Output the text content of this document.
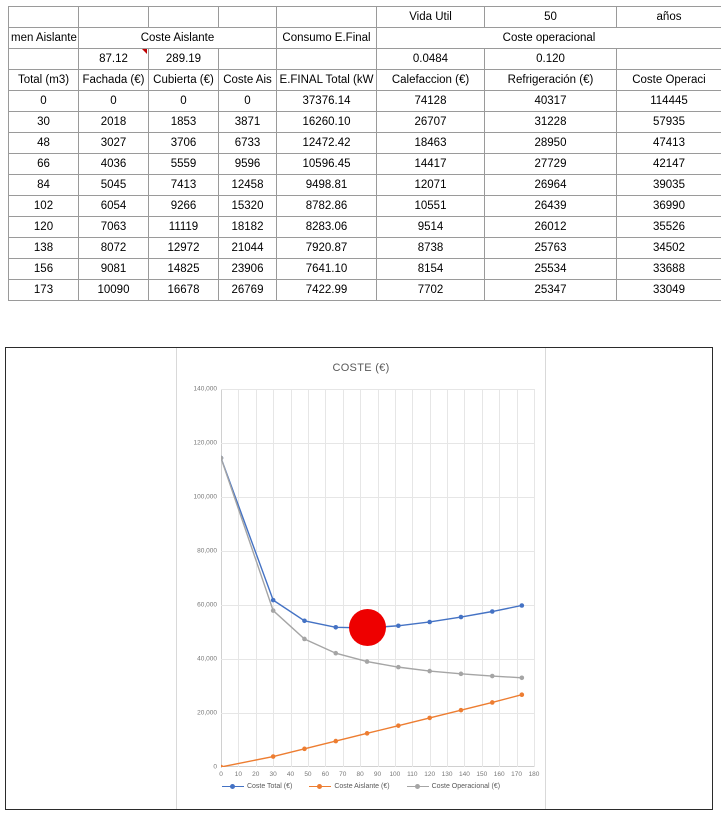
					Vida Util	50	años
men Aislante	Coste Aislante			Consumo E.Final	Coste operacional		
	87.12	289.19			0.0484	0.120	
Total (m3)	Fachada (€)	Cubierta (€)	Coste Ais	E.FINAL Total (kW	Calefaccion (€)	Refrigeración (€)	Coste Operaci
0	0	0	0	37376.14	74128	40317	114445
30	2018	1853	3871	16260.10	26707	31228	57935
48	3027	3706	6733	12472.42	18463	28950	47413
66	4036	5559	9596	10596.45	14417	27729	42147
84	5045	7413	12458	9498.81	12071	26964	39035
102	6054	9266	15320	8782.86	10551	26439	36990
120	7063	11119	18182	8283.06	9514	26012	35526
138	8072	12972	21044	7920.87	8738	25763	34502
156	9081	14825	23906	7641.10	8154	25534	33688
173	10090	16678	26769	7422.99	7702	25347	33049
COSTE (€)
0
20,000
40,000
60,000
80,000
100,000
120,000
140,000
0 10 20 30 40 50 60 70 80 90 100 110 120 130 140 150 160 170 180
Coste Total (€)	Coste Aislante (€)	Coste Operacional (€)
